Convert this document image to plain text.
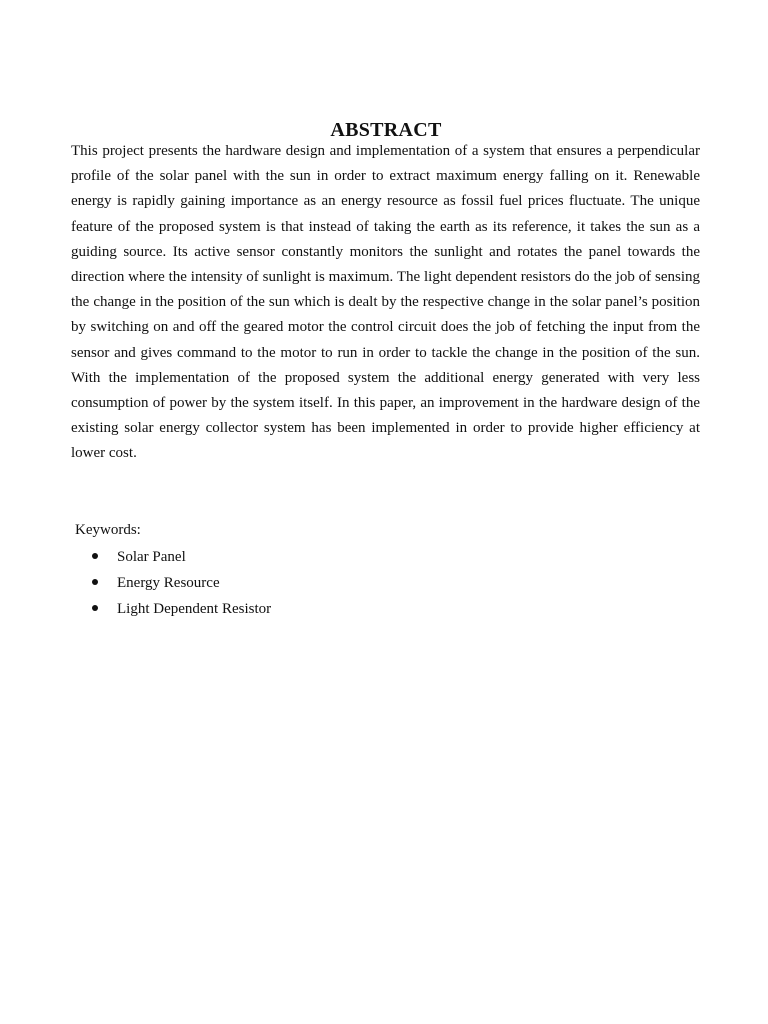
ABSTRACT

This project presents the hardware design and implementation of a system that ensures a perpendicular profile of the solar panel with the sun in order to extract maximum energy falling on it. Renewable energy is rapidly gaining importance as an energy resource as fossil fuel prices fluctuate. The unique feature of the proposed system is that instead of taking the earth as its reference, it takes the sun as a guiding source. Its active sensor constantly monitors the sunlight and rotates the panel towards the direction where the intensity of sunlight is maximum. The light dependent resistors do the job of sensing the change in the position of the sun which is dealt by the respective change in the solar panel’s position by switching on and off the geared motor the control circuit does the job of fetching the input from the sensor and gives command to the motor to run in order to tackle the change in the position of the sun. With the implementation of the proposed system the additional energy generated with very less consumption of power by the system itself. In this paper, an improvement in the hardware design of the existing solar energy collector system has been implemented in order to provide higher efficiency at lower cost.

Keywords:

Solar Panel
Energy Resource
Light Dependent Resistor
